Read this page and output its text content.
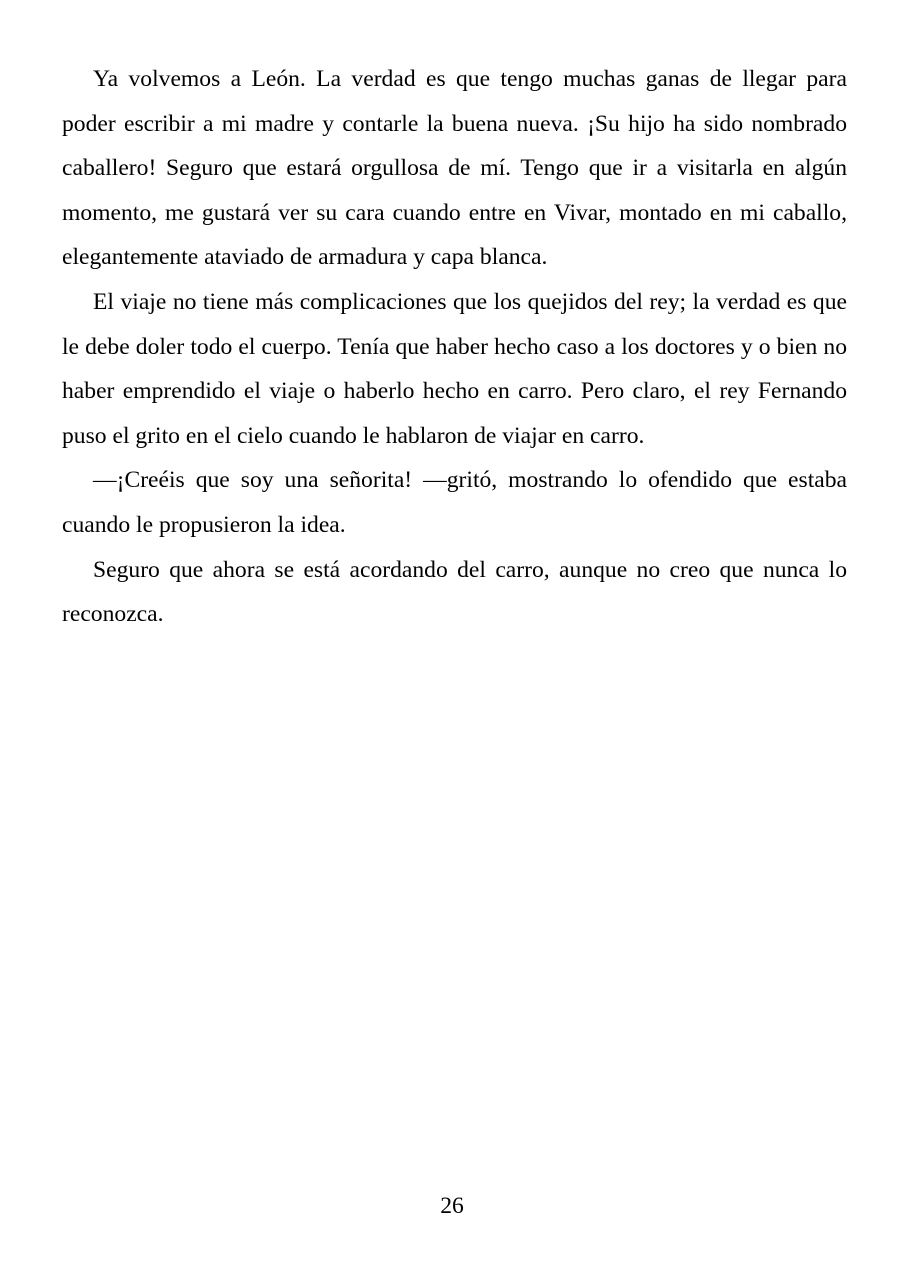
Ya volvemos a León. La verdad es que tengo muchas ganas de llegar para poder escribir a mi madre y contarle la buena nueva. ¡Su hijo ha sido nombrado caballero! Seguro que estará orgullosa de mí. Tengo que ir a visitarla en algún momento, me gustará ver su cara cuando entre en Vivar, montado en mi caballo, elegantemente ataviado de armadura y capa blanca.

El viaje no tiene más complicaciones que los quejidos del rey; la verdad es que le debe doler todo el cuerpo. Tenía que haber hecho caso a los doctores y o bien no haber emprendido el viaje o haberlo hecho en carro. Pero claro, el rey Fernando puso el grito en el cielo cuando le hablaron de viajar en carro.

—¡Creéis que soy una señorita! —gritó, mostrando lo ofendido que estaba cuando le propusieron la idea.

Seguro que ahora se está acordando del carro, aunque no creo que nunca lo reconozca.

26
